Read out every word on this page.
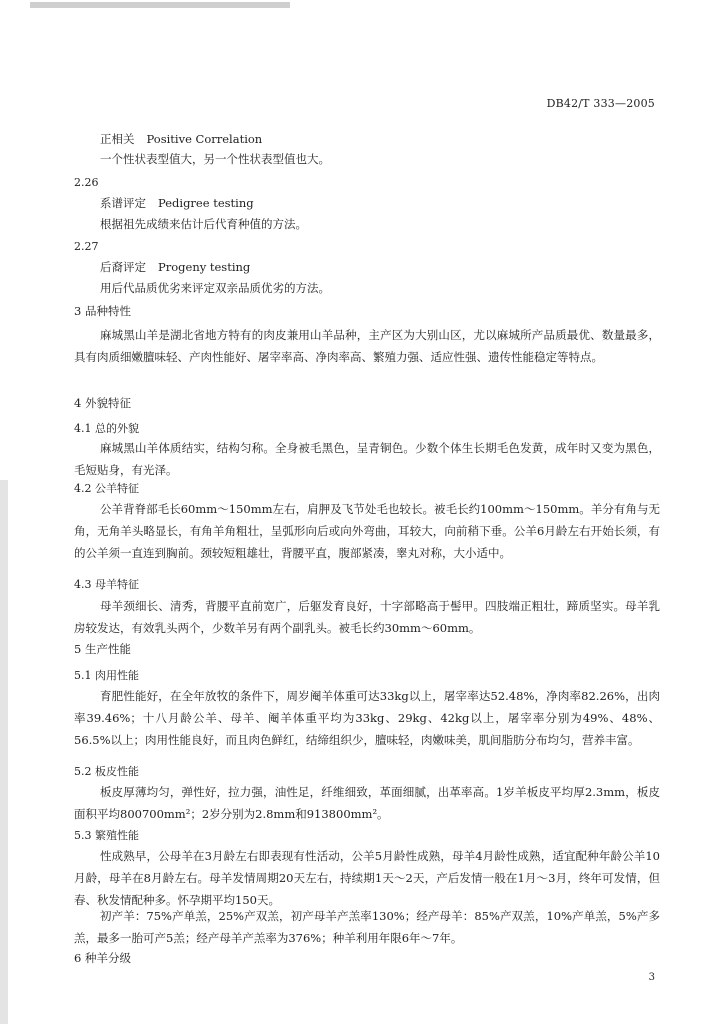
DB42/T 333—2005
正相关 Positive Correlation
一个性状表型值大，另一个性状表型值也大。
2.26
系谱评定 Pedigree testing
根据祖先成绩来估计后代育种值的方法。
2.27
后裔评定 Progeny testing
用后代品质优劣来评定双亲品质优劣的方法。
3 品种特性
麻城黑山羊是湖北省地方特有的肉皮兼用山羊品种，主产区为大别山区，尤以麻城所产品质最优、数量最多，具有肉质细嫩膻味轻、产肉性能好、屠宰率高、净肉率高、繁殖力强、适应性强、遗传性能稳定等特点。
4 外貌特征
4.1 总的外貌
麻城黑山羊体质结实，结构匀称。全身被毛黑色，呈青铜色。少数个体生长期毛色发黄，成年时又变为黑色，毛短贴身，有光泽。
4.2 公羊特征
公羊背脊部毛长60mm～150mm左右，肩胛及飞节处毛也较长。被毛长约100mm～150mm。羊分有角与无角，无角羊头略显长，有角羊角粗壮，呈弧形向后或向外弯曲，耳较大，向前稍下垂。公羊6月龄左右开始长须，有的公羊须一直连到胸前。颈较短粗雄壮，背腰平直，腹部紧凑，睾丸对称，大小适中。
4.3 母羊特征
母羊颈细长、清秀，背腰平直前宽广，后躯发育良好，十字部略高于髻甲。四肢端正粗壮，蹄质坚实。母羊乳房较发达，有效乳头两个，少数羊另有两个副乳头。被毛长约30mm～60mm。
5 生产性能
5.1 肉用性能
育肥性能好，在全年放牧的条件下，周岁阉羊体重可达33kg以上，屠宰率达52.48%，净肉率82.26%，出肉率39.46%；十八月龄公羊、母羊、阉羊体重平均为33kg、29kg、42kg以上，屠宰率分别为49%、48%、56.5%以上；肉用性能良好，而且肉色鲜红，结缔组织少，膻味轻，肉嫩味美，肌间脂肪分布均匀，营养丰富。
5.2 板皮性能
板皮厚薄均匀，弹性好，拉力强，油性足，纤维细致，革面细腻，出革率高。1岁羊板皮平均厚2.3mm，板皮面积平均800700mm²；2岁分别为2.8mm和913800mm²。
5.3 繁殖性能
性成熟早，公母羊在3月龄左右即表现有性活动，公羊5月龄性成熟，母羊4月龄性成熟，适宜配种年龄公羊10月龄，母羊在8月龄左右。母羊发情周期20天左右，持续期1天～2天，产后发情一般在1月～3月，终年可发情，但春、秋发情配种多。怀孕期平均150天。
初产羊：75%产单羔，25%产双羔，初产母羊产羔率130%；经产母羊：85%产双羔，10%产单羔，5%产多羔，最多一胎可产5羔；经产母羊产羔率为376%；种羊利用年限6年～7年。
6 种羊分级
3
